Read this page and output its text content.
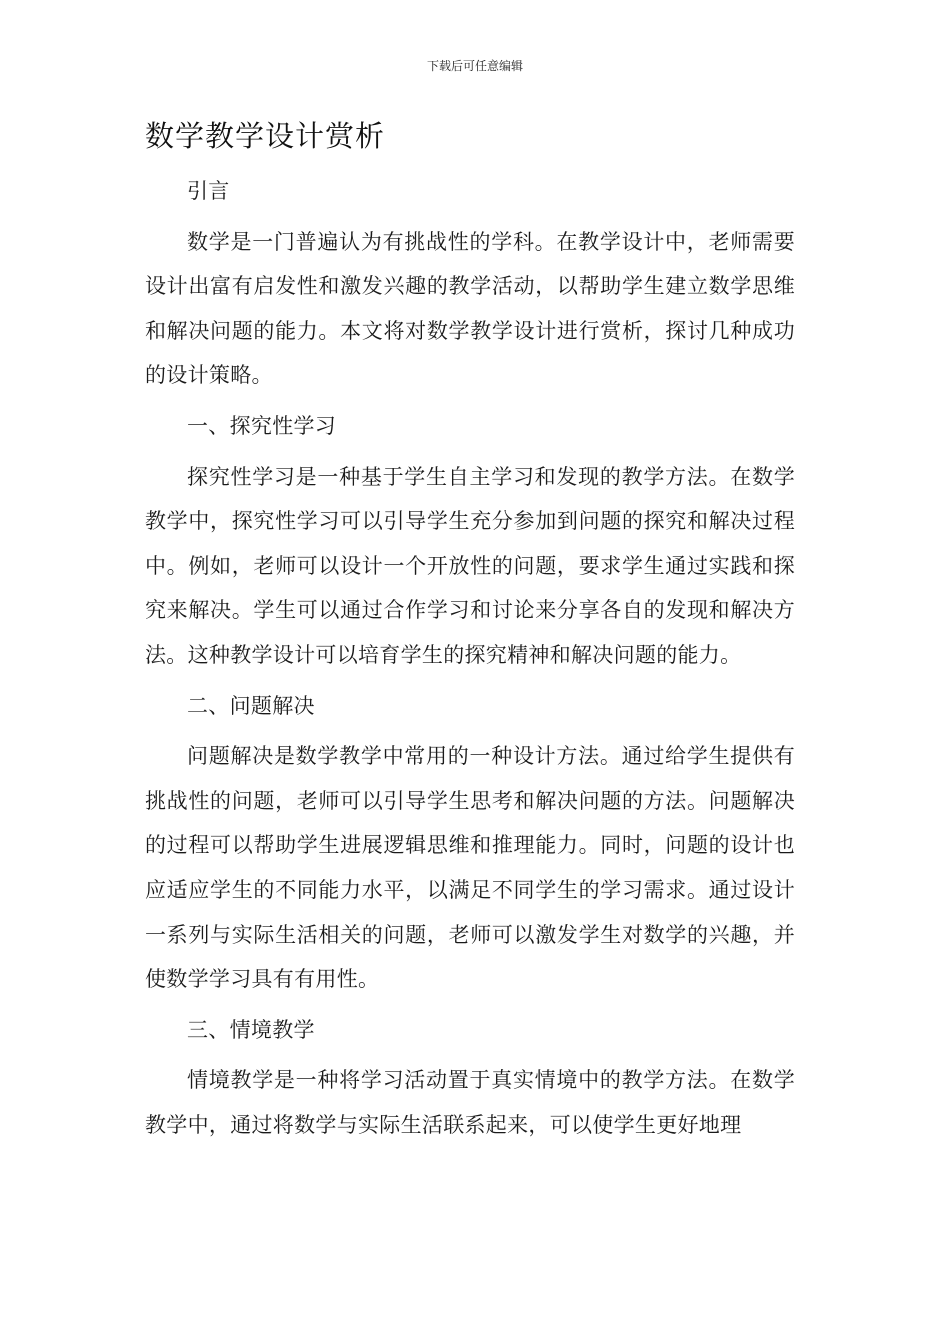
下载后可任意编辑
数学教学设计赏析

引言

数学是一门普遍认为有挑战性的学科。在教学设计中，老师需要设计出富有启发性和激发兴趣的教学活动，以帮助学生建立数学思维和解决问题的能力。本文将对数学教学设计进行赏析，探讨几种成功的设计策略。

一、探究性学习

探究性学习是一种基于学生自主学习和发现的教学方法。在数学教学中，探究性学习可以引导学生充分参加到问题的探究和解决过程中。例如，老师可以设计一个开放性的问题，要求学生通过实践和探究来解决。学生可以通过合作学习和讨论来分享各自的发现和解决方法。这种教学设计可以培育学生的探究精神和解决问题的能力。

二、问题解决

问题解决是数学教学中常用的一种设计方法。通过给学生提供有挑战性的问题，老师可以引导学生思考和解决问题的方法。问题解决的过程可以帮助学生进展逻辑思维和推理能力。同时，问题的设计也应适应学生的不同能力水平，以满足不同学生的学习需求。通过设计一系列与实际生活相关的问题，老师可以激发学生对数学的兴趣，并使数学学习具有有用性。

三、情境教学

情境教学是一种将学习活动置于真实情境中的教学方法。在数学教学中，通过将数学与实际生活联系起来，可以使学生更好地理
